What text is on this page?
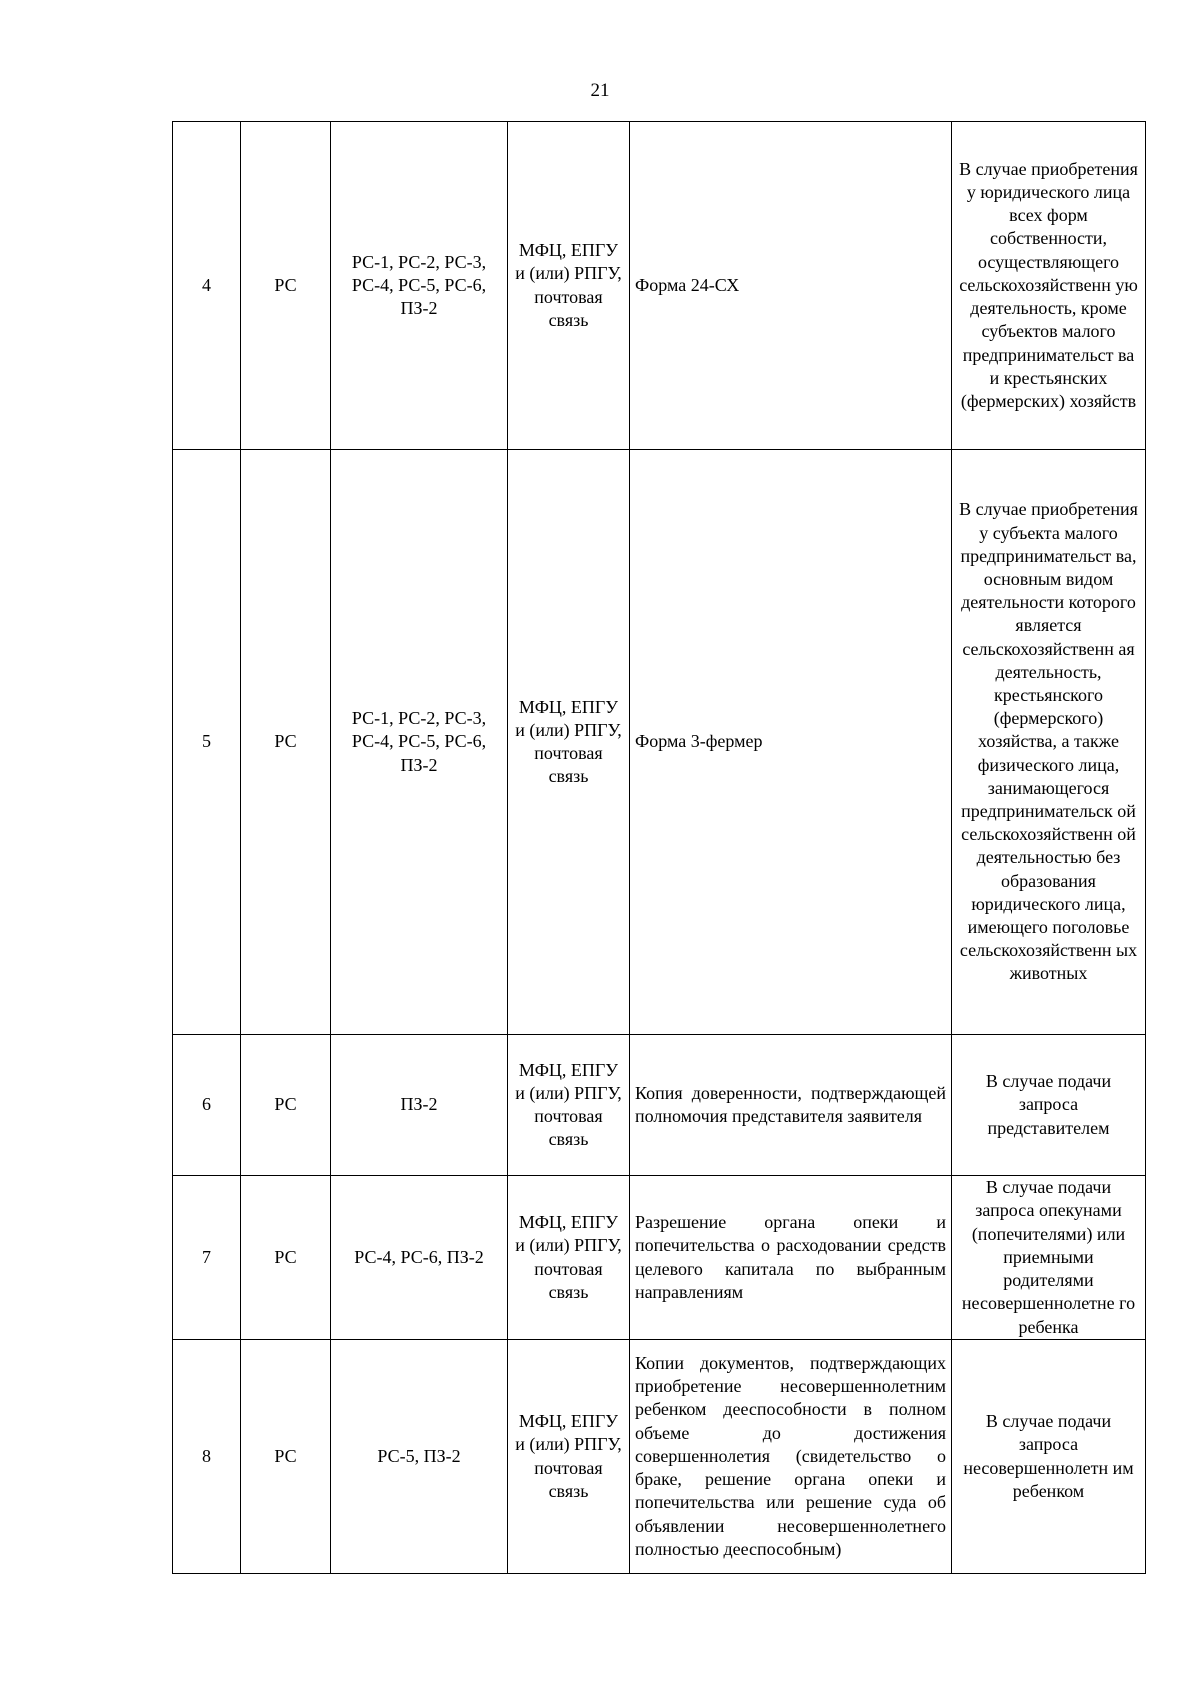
21
4	РС	РС-1, РС-2, РС-3, РС-4, РС-5, РС-6, ПЗ-2	МФЦ, ЕПГУ и (или) РПГУ, почтовая связь	Форма 24-СХ	В случае приобретения у юридического лица всех форм собственности, осуществляющего сельскохозяйственн ую деятельность, кроме субъектов малого предпринимательст ва и крестьянских (фермерских) хозяйств
5	РС	РС-1, РС-2, РС-3, РС-4, РС-5, РС-6, ПЗ-2	МФЦ, ЕПГУ и (или) РПГУ, почтовая связь	Форма 3-фермер	В случае приобретения у субъекта малого предпринимательст ва, основным видом деятельности которого является сельскохозяйственн ая деятельность, крестьянского (фермерского) хозяйства, а также физического лица, занимающегося предпринимательск ой сельскохозяйственн ой деятельностью без образования юридического лица, имеющего поголовье сельскохозяйственн ых животных
6	РС	ПЗ-2	МФЦ, ЕПГУ и (или) РПГУ, почтовая связь	Копия доверенности, подтверждающей полномочия представителя заявителя	В случае подачи запроса представителем
7	РС	РС-4, РС-6, ПЗ-2	МФЦ, ЕПГУ и (или) РПГУ, почтовая связь	Разрешение органа опеки и попечительства о расходовании средств целевого капитала по выбранным направлениям	В случае подачи запроса опекунами (попечителями) или приемными родителями несовершеннолетне го ребенка
8	РС	РС-5, ПЗ-2	МФЦ, ЕПГУ и (или) РПГУ, почтовая связь	Копии документов, подтверждающих приобретение несовершеннолетним ребенком дееспособности в полном объеме до достижения совершеннолетия (свидетельство о браке, решение органа опеки и попечительства или решение суда об объявлении несовершеннолетнего полностью дееспособным)	В случае подачи запроса несовершеннолетн им ребенком
